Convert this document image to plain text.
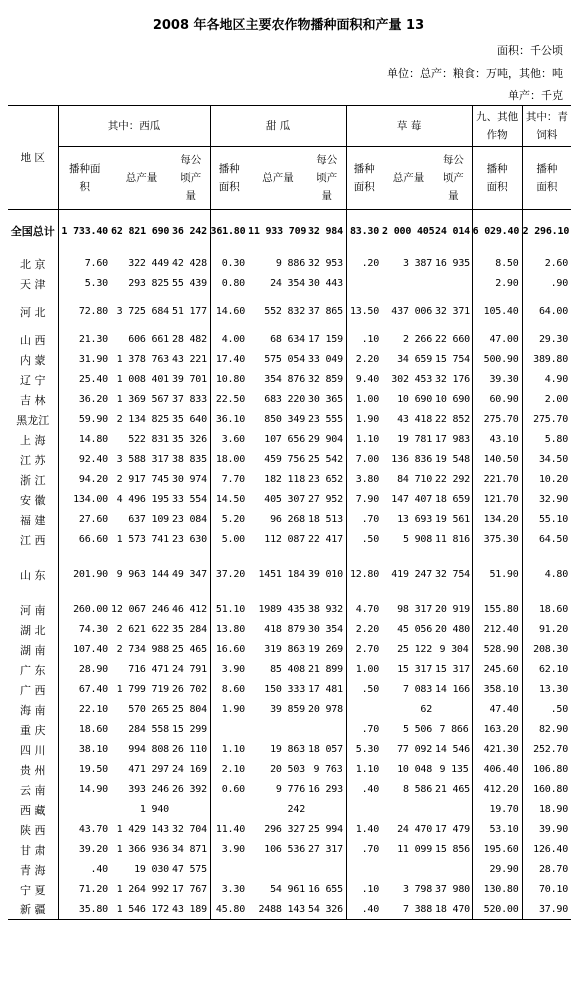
2008 年各地区主要农作物播种面积和产量 13
面积：千公顷
单位：总产：粮食：万吨，其他：吨
单产：千克
地 区	其中：西瓜			甜 瓜			草 莓			九、其他作物	其中：青饲料
	播种面积	总产量	每公顷产量	播种面积	总产量	每公顷产量	播种面积	总产量	每公顷产量	播种面积	播种面积
全国总计	1 733.40	62 821 690	36 242	361.80	11 933 709	32 984	83.30	2 000 405	24 014	6 029.40	2 296.10
北 京	7.60	322 449	42 428	0.30	9 886	32 953	.20	3 387	16 935	8.50	2.60
天 津	5.30	293 825	55 439	0.80	24 354	30 443				2.90	.90
河 北	72.80	3 725 684	51 177	14.60	552 832	37 865	13.50	437 006	32 371	105.40	64.00
山 西	21.30	606 661	28 482	4.00	68 634	17 159	.10	2 266	22 660	47.00	29.30
内 蒙	31.90	1 378 763	43 221	17.40	575 054	33 049	2.20	34 659	15 754	500.90	389.80
辽 宁	25.40	1 008 401	39 701	10.80	354 876	32 859	9.40	302 453	32 176	39.30	4.90
吉 林	36.20	1 369 567	37 833	22.50	683 220	30 365	1.00	10 690	10 690	60.90	2.00
黑龙江	59.90	2 134 825	35 640	36.10	850 349	23 555	1.90	43 418	22 852	275.70	275.70
上 海	14.80	522 831	35 326	3.60	107 656	29 904	1.10	19 781	17 983	43.10	5.80
江 苏	92.40	3 588 317	38 835	18.00	459 756	25 542	7.00	136 836	19 548	140.50	34.50
浙 江	94.20	2 917 745	30 974	7.70	182 118	23 652	3.80	84 710	22 292	221.70	10.20
安 徽	134.00	4 496 195	33 554	14.50	405 307	27 952	7.90	147 407	18 659	121.70	32.90
福 建	27.60	637 109	23 084	5.20	96 268	18 513	.70	13 693	19 561	134.20	55.10
江 西	66.60	1 573 741	23 630	5.00	112 087	22 417	.50	5 908	11 816	375.30	64.50
山 东	201.90	9 963 144	49 347	37.20	1451 184	39 010	12.80	419 247	32 754	51.90	4.80
河 南	260.00	12 067 246	46 412	51.10	1989 435	38 932	4.70	98 317	20 919	155.80	18.60
湖 北	74.30	2 621 622	35 284	13.80	418 879	30 354	2.20	45 056	20 480	212.40	91.20
湖 南	107.40	2 734 988	25 465	16.60	319 863	19 269	2.70	25 122	9 304	528.90	208.30
广 东	28.90	716 471	24 791	3.90	85 408	21 899	1.00	15 317	15 317	245.60	62.10
广 西	67.40	1 799 719	26 702	8.60	150 333	17 481	.50	7 083	14 166	358.10	13.30
海 南	22.10	570 265	25 804	1.90	39 859	20 978		62		47.40	.50
重 庆	18.60	284 558	15 299				.70	5 506	7 866	163.20	82.90
四 川	38.10	994 808	26 110	1.10	19 863	18 057	5.30	77 092	14 546	421.30	252.70
贵 州	19.50	471 297	24 169	2.10	20 503	9 763	1.10	10 048	9 135	406.40	106.80
云 南	14.90	393 246	26 392	0.60	9 776	16 293	.40	8 586	21 465	412.20	160.80
西 藏		1 940			242					19.70	18.90
陕 西	43.70	1 429 143	32 704	11.40	296 327	25 994	1.40	24 470	17 479	53.10	39.90
甘 肃	39.20	1 366 936	34 871	3.90	106 536	27 317	.70	11 099	15 856	195.60	126.40
青 海	.40	19 030	47 575							29.90	28.70
宁 夏	71.20	1 264 992	17 767	3.30	54 961	16 655	.10	3 798	37 980	130.80	70.10
新 疆	35.80	1 546 172	43 189	45.80	2488 143	54 326	.40	7 388	18 470	520.00	37.90
